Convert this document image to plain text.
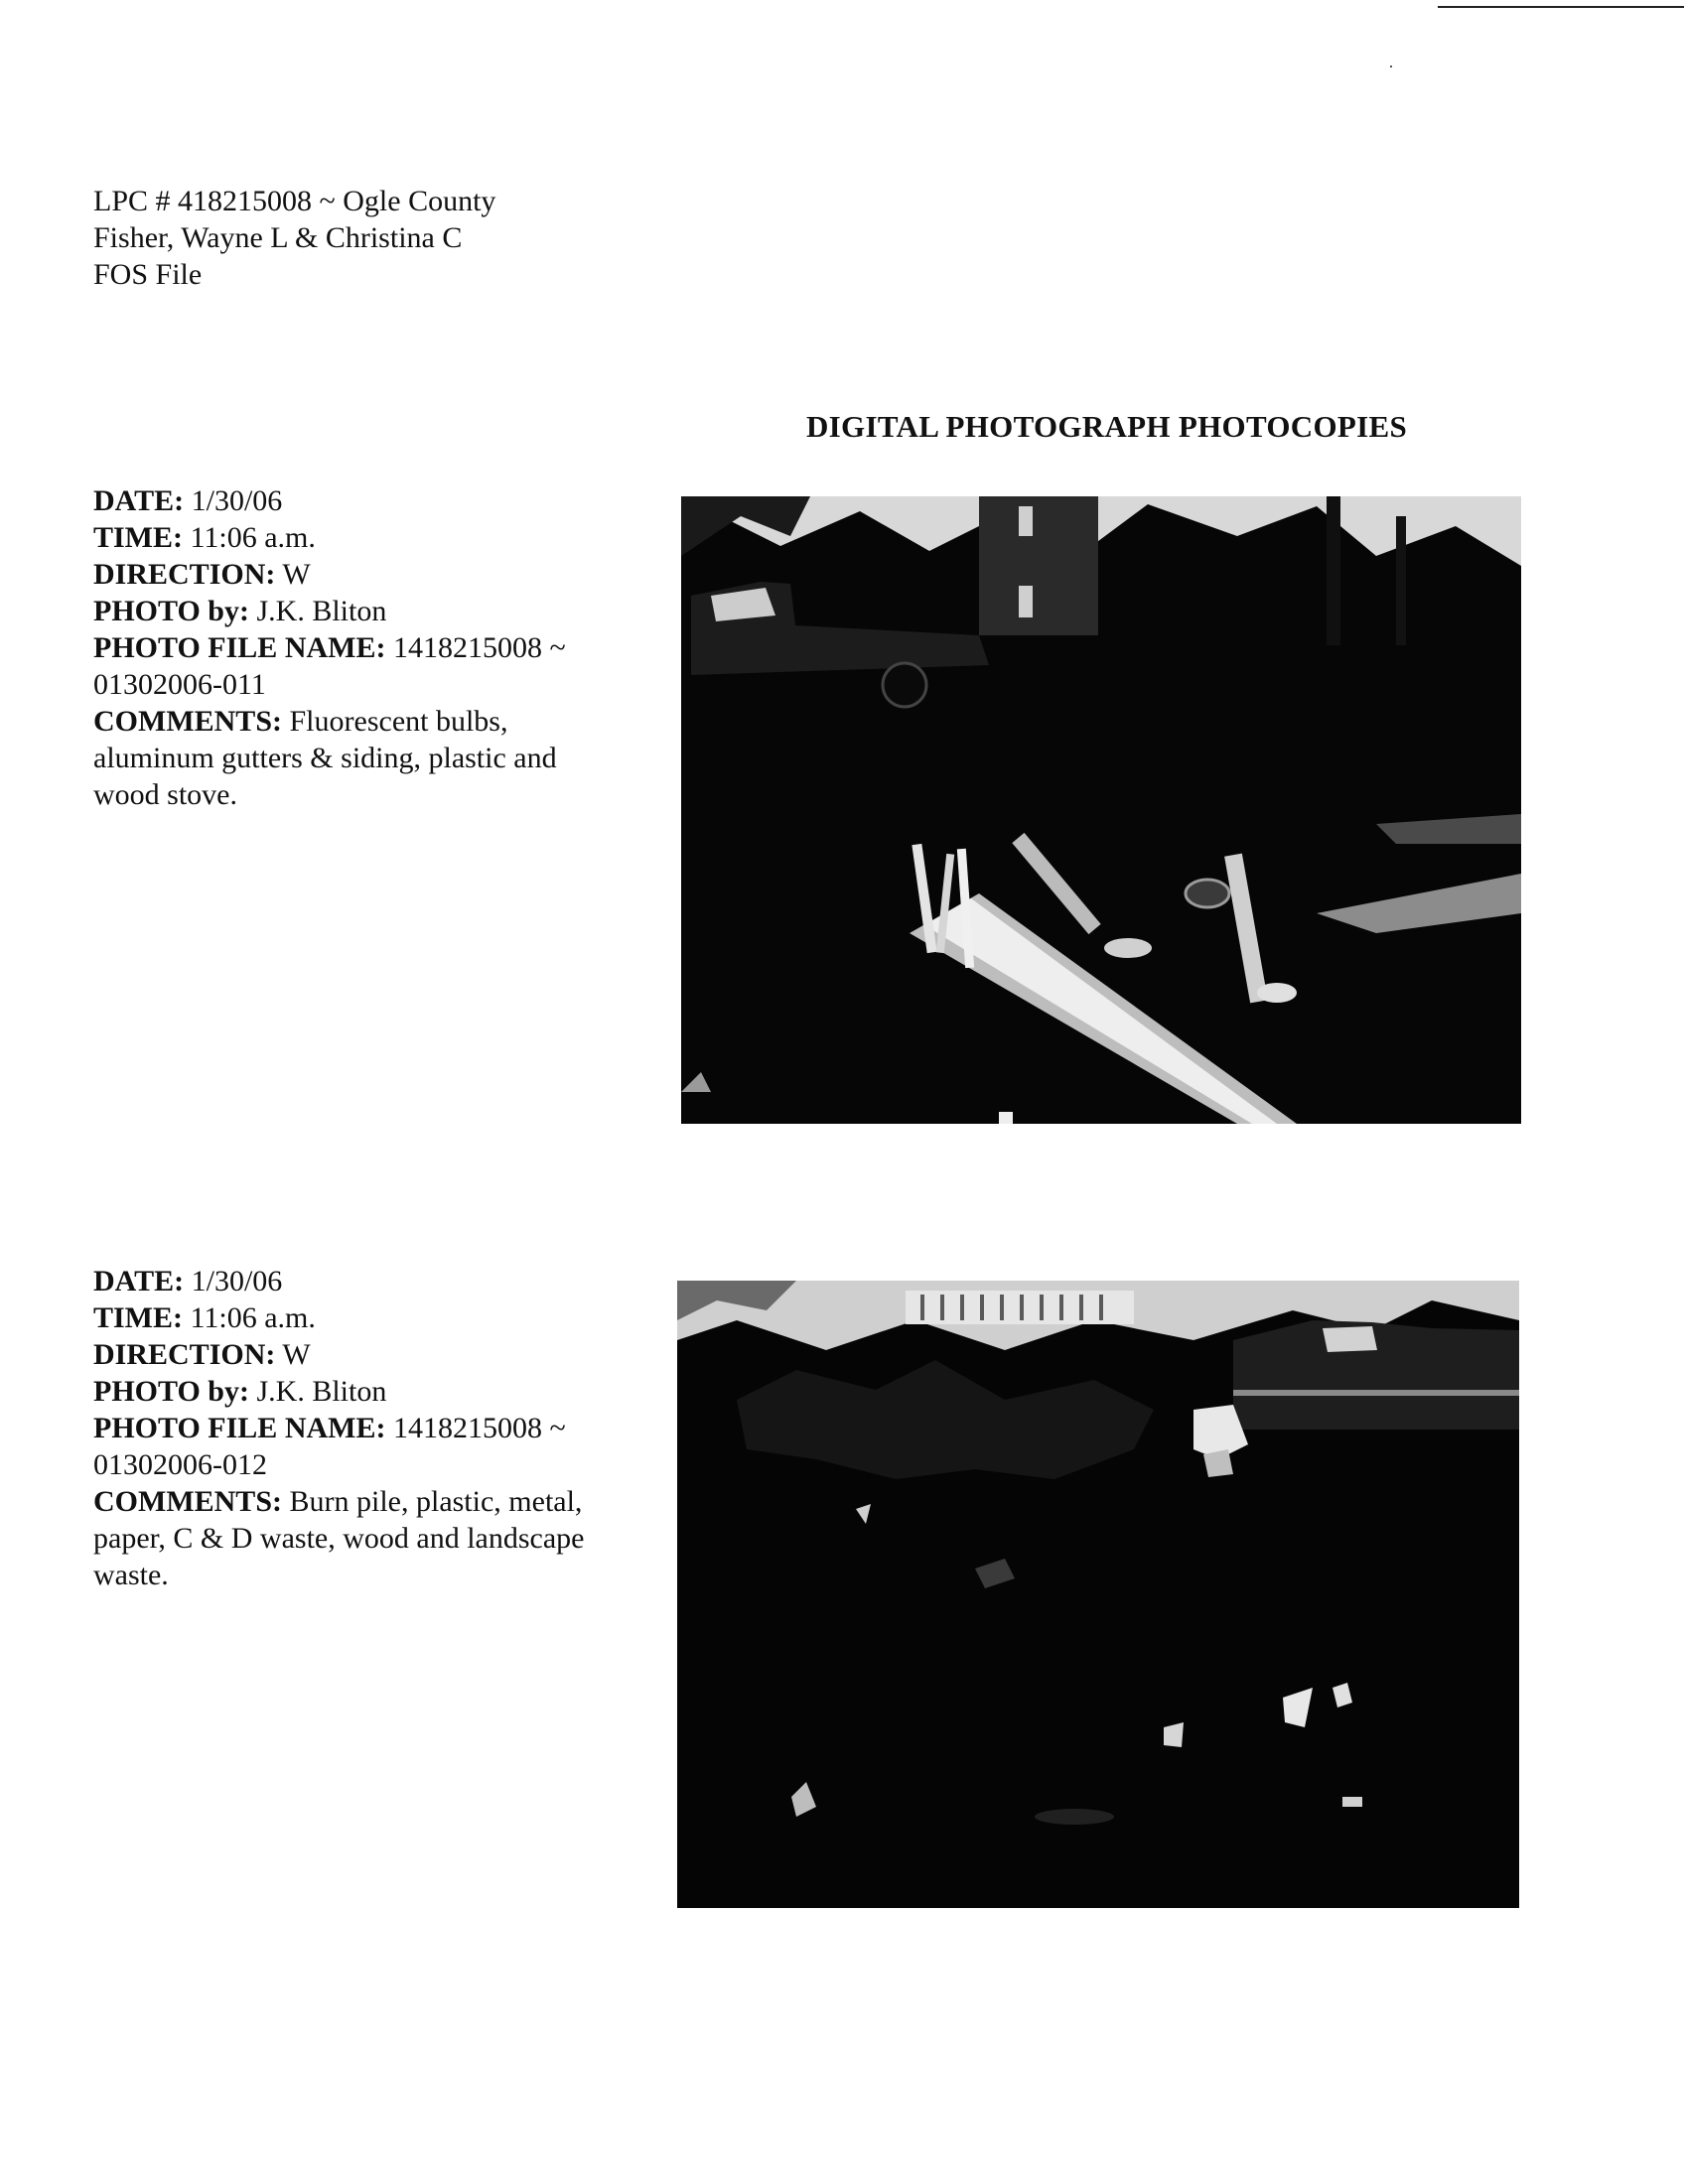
LPC # 418215008 ~ Ogle County
Fisher, Wayne L & Christina C
FOS File
DIGITAL PHOTOGRAPH PHOTOCOPIES
DATE: 1/30/06
TIME: 11:06 a.m.
DIRECTION: W
PHOTO by: J.K. Bliton
PHOTO FILE NAME: 1418215008 ~
01302006-011
COMMENTS: Fluorescent bulbs,
aluminum gutters & siding, plastic and
wood stove.
DATE: 1/30/06
TIME: 11:06 a.m.
DIRECTION: W
PHOTO by: J.K. Bliton
PHOTO FILE NAME: 1418215008 ~
01302006-012
COMMENTS: Burn pile, plastic, metal,
paper, C & D waste, wood and landscape
waste.
